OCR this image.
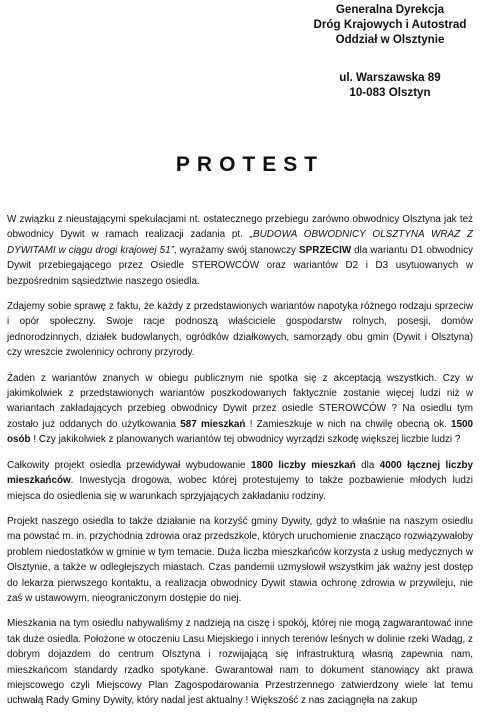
Generalna Dyrekcja
Dróg Krajowych i Autostrad
Oddział w Olsztynie
ul. Warszawska 89
10-083 Olsztyn
PROTEST

W związku z nieustającymi spekulacjami nt. ostatecznego przebiegu zarówno obwodnicy Olsztyna jak też obwodnicy Dywit w ramach realizacji zadania pt. „BUDOWA OBWODNICY OLSZTYNA WRAZ Z DYWITAMI w ciągu drogi krajowej 51”, wyrażamy swój stanowczy SPRZECIW dla wariantu D1 obwodnicy Dywit przebiegającego przez Osiedle STEROWCÓW oraz wariantów D2 i D3 usytuowanych w bezpośrednim sąsiedztwie naszego osiedla.

Zdajemy sobie sprawę z faktu, że każdy z przedstawionych wariantów napotyka różnego rodzaju sprzeciw i opór społeczny. Swoje racje podnoszą właściciele gospodarstw rolnych, posesji, domów jednorodzinnych, działek budowlanych, ogródków działkowych, samorządy obu gmin (Dywit i Olsztyna) czy wreszcie zwolennicy ochrony przyrody.

Żaden z wariantów znanych w obiegu publicznym nie spotka się z akceptacją wszystkich. Czy w jakimkolwiek z przedstawionych wariantów poszkodowanych faktycznie zostanie więcej ludzi niż w wariantach zakładających przebieg obwodnicy Dywit przez osiedle STEROWCÓW ? Na osiedlu tym zostało już oddanych do użytkowania 587 mieszkań ! Zamieszkuje w nich na chwilę obecną ok. 1500 osób ! Czy jakikolwiek z planowanych wariantów tej obwodnicy wyrządzi szkodę większej liczbie ludzi ?

Całkowity projekt osiedla przewidywał wybudowanie 1800 liczby mieszkań dla 4000 łącznej liczby mieszkańców. Inwestycja drogowa, wobec której protestujemy to także pozbawienie młodych ludzi miejsca do osiedlenia się w warunkach sprzyjających zakładaniu rodziny.

Projekt naszego osiedla to także działanie na korzyść gminy Dywity, gdyż to właśnie na naszym osiedlu ma powstać m. in. przychodnia zdrowia oraz przedszkole, których uruchomienie znacząco rozwiązywałoby problem niedostatków w gminie w tym temacie. Duża liczba mieszkańców korzysta z usług medycznych w Olsztynie, a także w odległejszych miastach. Czas pandemii uzmysłowił wszystkim jak ważny jest dostęp do lekarza pierwszego kontaktu, a realizacja obwodnicy Dywit stawia ochronę zdrowia w przywileju, nie zaś w ustawowym, nieograniczonym dostępie do niej.

Mieszkania na tym osiedlu nabywaliśmy z nadzieją na ciszę i spokój, której nie mogą zagwarantować inne tak duże osiedla. Położone w otoczeniu Lasu Miejskiego i innych terenów leśnych w dolinie rzeki Wadąg, z dobrym dojazdem do centrum Olsztyna i rozwijającą się infrastrukturą własną zapewnia nam, mieszkańcom standardy rzadko spotykane. Gwarantował nam to dokument stanowiący akt prawa miejscowego czyli Miejscowy Plan Zagospodarowania Przestrzennego zatwierdzony wiele lat temu uchwałą Rady Gminy Dywity, który nadal jest aktualny ! Większość z nas zaciągnęła na zakup
